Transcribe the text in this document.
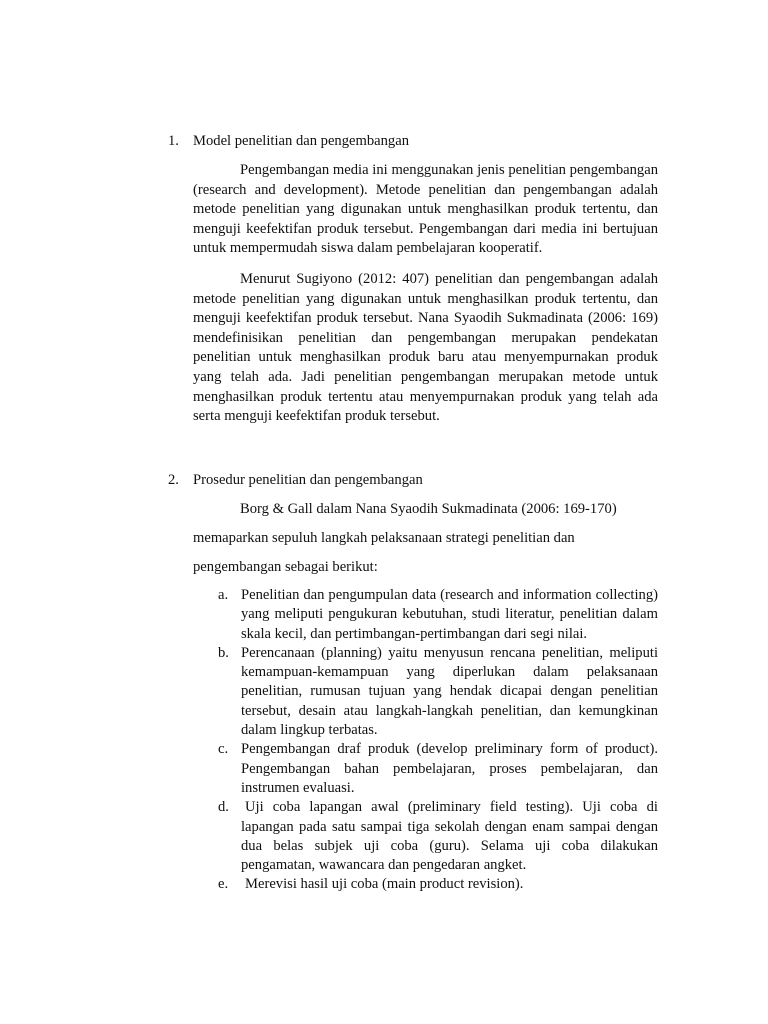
1. Model penelitian dan pengembangan

Pengembangan media ini menggunakan jenis penelitian pengembangan (research and development). Metode penelitian dan pengembangan adalah metode penelitian yang digunakan untuk menghasilkan produk tertentu, dan menguji keefektifan produk tersebut. Pengembangan dari media ini bertujuan untuk mempermudah siswa dalam pembelajaran kooperatif.

Menurut Sugiyono (2012: 407) penelitian dan pengembangan adalah metode penelitian yang digunakan untuk menghasilkan produk tertentu, dan menguji keefektifan produk tersebut. Nana Syaodih Sukmadinata (2006: 169) mendefinisikan penelitian dan pengembangan merupakan pendekatan penelitian untuk menghasilkan produk baru atau menyempurnakan produk yang telah ada. Jadi penelitian pengembangan merupakan metode untuk menghasilkan produk tertentu atau menyempurnakan produk yang telah ada serta menguji keefektifan produk tersebut.

2. Prosedur penelitian dan pengembangan
Borg & Gall dalam Nana Syaodih Sukmadinata (2006: 169-170)
memaparkan sepuluh langkah pelaksanaan strategi penelitian dan
pengembangan sebagai berikut:
a. Penelitian dan pengumpulan data (research and information collecting) yang meliputi pengukuran kebutuhan, studi literatur, penelitian dalam skala kecil, dan pertimbangan-pertimbangan dari segi nilai.
b. Perencanaan (planning) yaitu menyusun rencana penelitian, meliputi kemampuan-kemampuan yang diperlukan dalam pelaksanaan penelitian, rumusan tujuan yang hendak dicapai dengan penelitian tersebut, desain atau langkah-langkah penelitian, dan kemungkinan dalam lingkup terbatas.
c. Pengembangan draf produk (develop preliminary form of product). Pengembangan bahan pembelajaran, proses pembelajaran, dan instrumen evaluasi.
d. Uji coba lapangan awal (preliminary field testing). Uji coba di lapangan pada satu sampai tiga sekolah dengan enam sampai dengan dua belas subjek uji coba (guru). Selama uji coba dilakukan pengamatan, wawancara dan pengedaran angket.
e. Merevisi hasil uji coba (main product revision).
